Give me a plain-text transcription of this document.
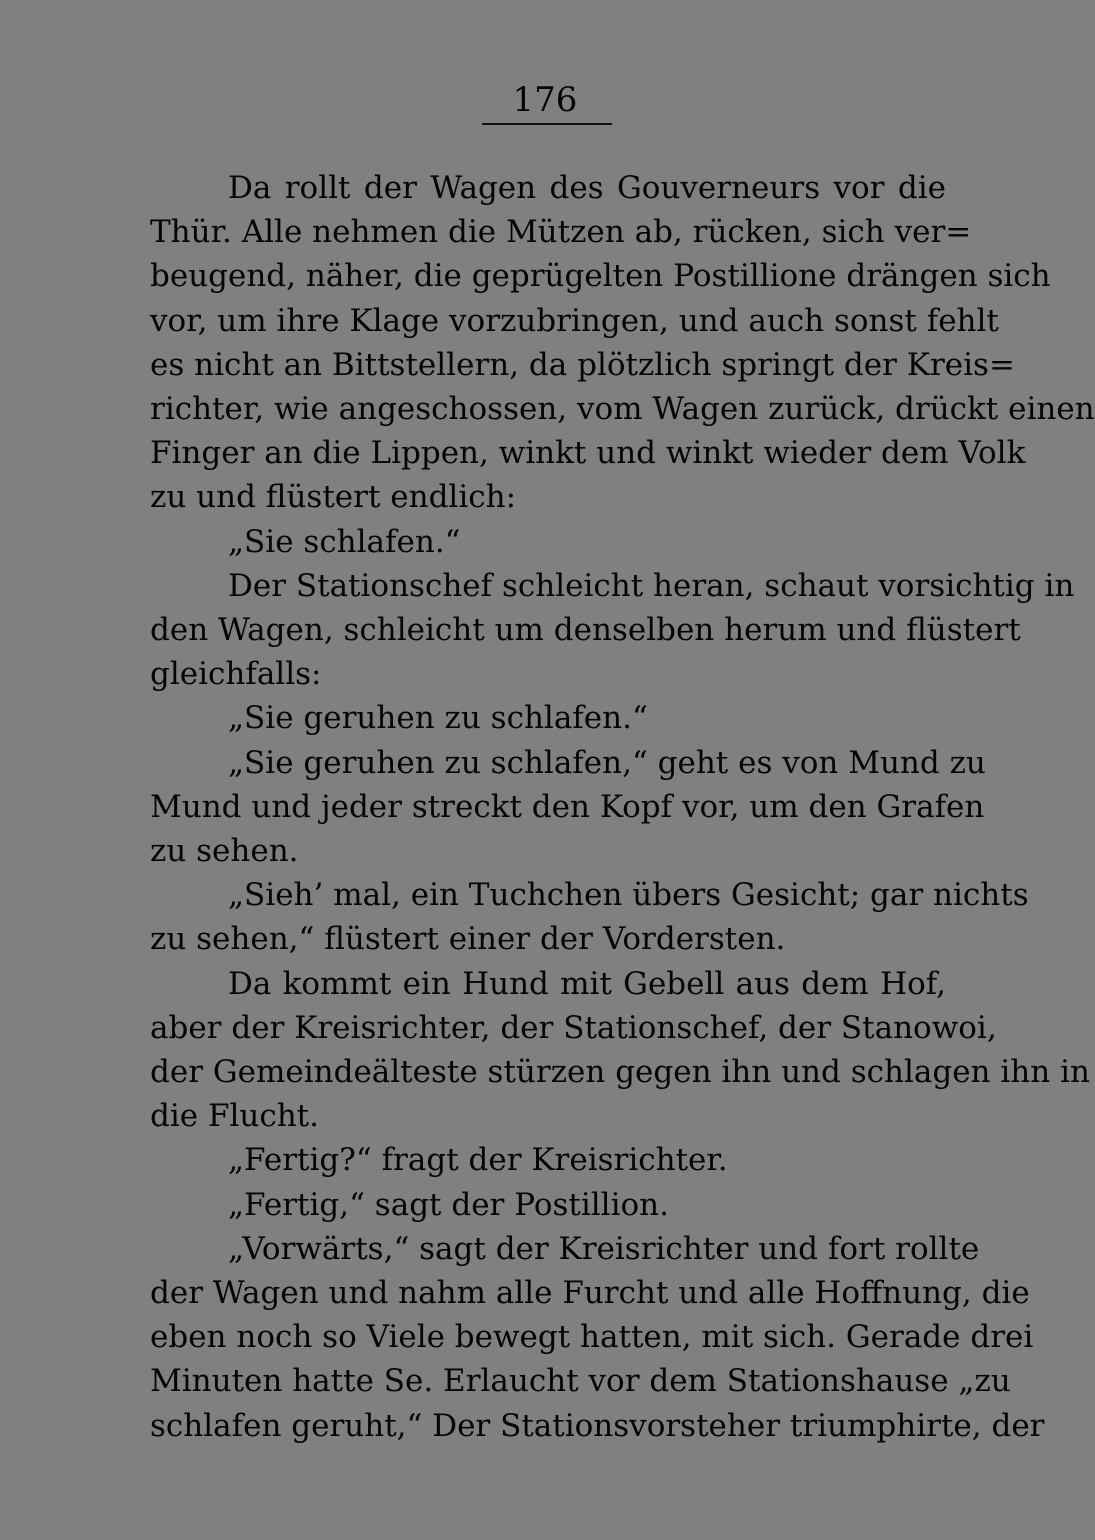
176
Da rollt der Wagen des Gouverneurs vor die
Thür. Alle nehmen die Mützen ab, rücken, sich ver=
beugend, näher, die geprügelten Postillione drängen sich
vor, um ihre Klage vorzubringen, und auch sonst fehlt
es nicht an Bittstellern, da plötzlich springt der Kreis=
richter, wie angeschossen, vom Wagen zurück, drückt einen
Finger an die Lippen, winkt und winkt wieder dem Volk
zu und flüstert endlich:
„Sie schlafen.“
Der Stationschef schleicht heran, schaut vorsichtig in
den Wagen, schleicht um denselben herum und flüstert
gleichfalls:
„Sie geruhen zu schlafen.“
„Sie geruhen zu schlafen,“ geht es von Mund zu
Mund und jeder streckt den Kopf vor, um den Grafen
zu sehen.
„Sieh’ mal, ein Tuchchen übers Gesicht; gar nichts
zu sehen,“ flüstert einer der Vordersten.
Da kommt ein Hund mit Gebell aus dem Hof,
aber der Kreisrichter, der Stationschef, der Stanowoi,
der Gemeindeälteste stürzen gegen ihn und schlagen ihn in
die Flucht.
„Fertig?“ fragt der Kreisrichter.
„Fertig,“ sagt der Postillion.
„Vorwärts,“ sagt der Kreisrichter und fort rollte
der Wagen und nahm alle Furcht und alle Hoffnung, die
eben noch so Viele bewegt hatten, mit sich. Gerade drei
Minuten hatte Se. Erlaucht vor dem Stationshause „zu
schlafen geruht,“ Der Stationsvorsteher triumphirte, der
